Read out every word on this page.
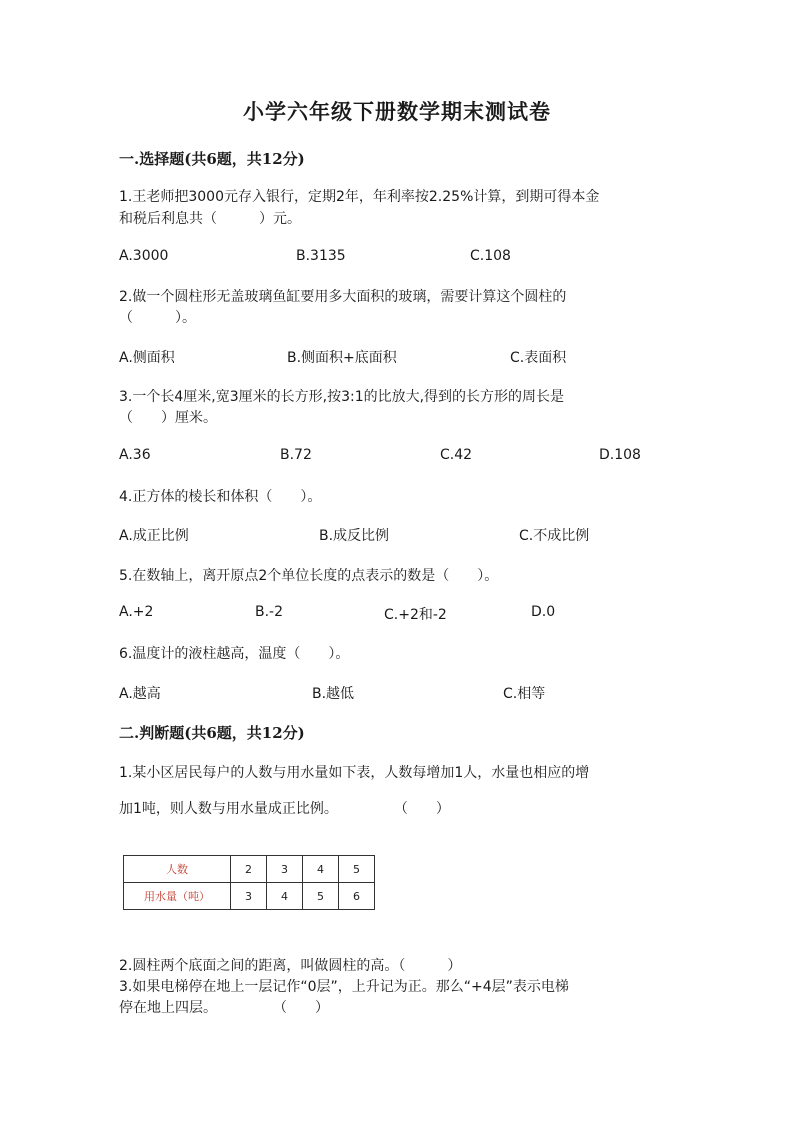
小学六年级下册数学期末测试卷
一.选择题(共6题，共12分)
1.王老师把3000元存入银行，定期2年，年利率按2.25%计算，到期可得本金
和税后利息共（　　　）元。
A.3000	B.3135	C.108
2.做一个圆柱形无盖玻璃鱼缸要用多大面积的玻璃，需要计算这个圆柱的
（　　　）。
A.侧面积	B.侧面积+底面积	C.表面积
3.一个长4厘米,宽3厘米的长方形,按3:1的比放大,得到的长方形的周长是
（　　）厘米。
A.36	B.72	C.42	D.108
4.正方体的棱长和体积（　　）。
A.成正比例	B.成反比例	C.不成比例
5.在数轴上，离开原点2个单位长度的点表示的数是（　　）。
A.+2	B.-2	C.+2和-2	D.0
6.温度计的液柱越高，温度（　　）。
A.越高	B.越低	C.相等
二.判断题(共6题，共12分)
1.某小区居民每户的人数与用水量如下表，人数每增加1人，水量也相应的增
加1吨，则人数与用水量成正比例。　　　　　（　　）
人数	2	3	4	5
用水量（吨）	3	4	5	6
2.圆柱两个底面之间的距离，叫做圆柱的高。（　　　）
3.如果电梯停在地上一层记作“0层”，上升记为正。那么“+4层”表示电梯
停在地上四层。　　　　　（　　）
